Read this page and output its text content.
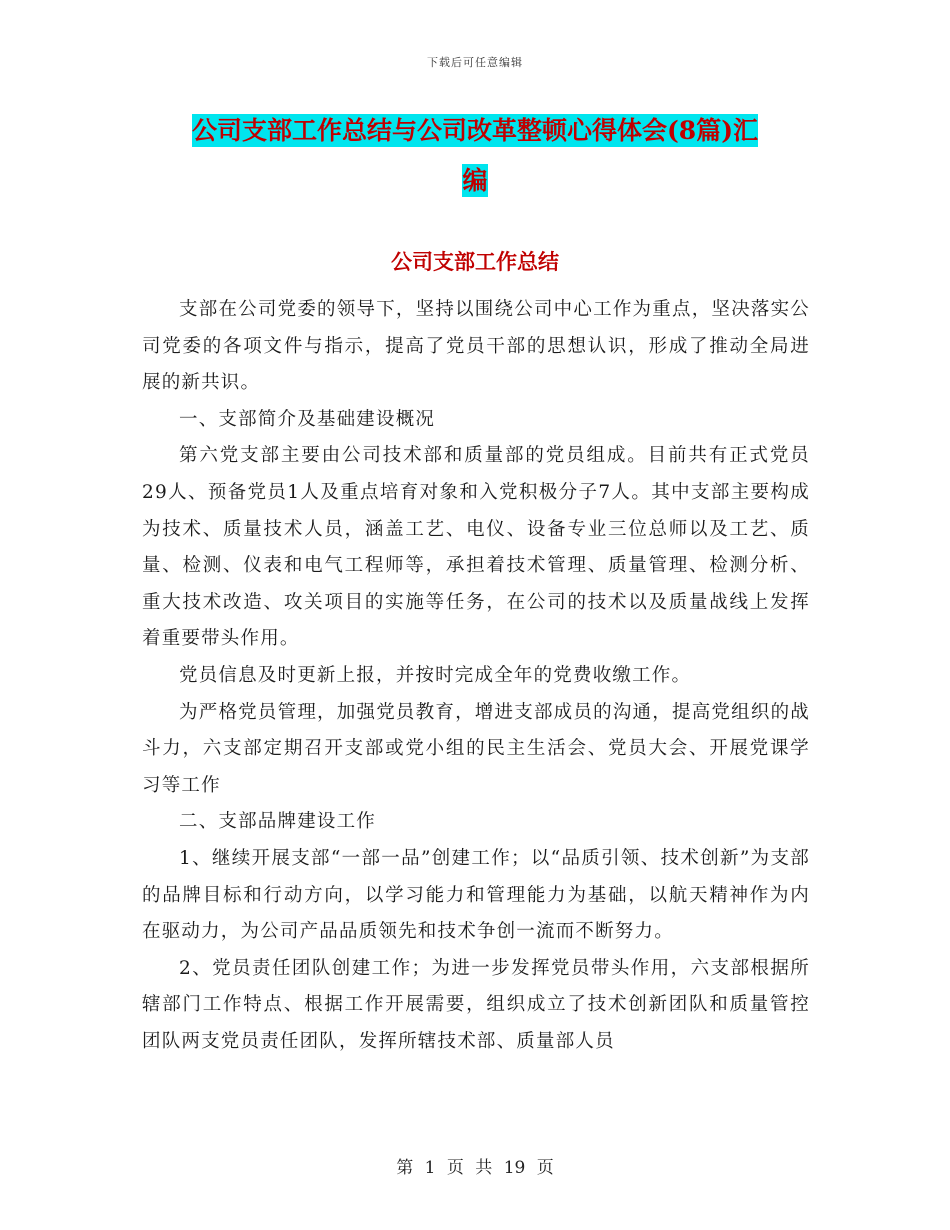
下载后可任意编辑
公司支部工作总结与公司改革整顿心得体会(8篇)汇
编
公司支部工作总结

支部在公司党委的领导下，坚持以围绕公司中心工作为重点，坚决落实公司党委的各项文件与指示，提高了党员干部的思想认识，形成了推动全局进展的新共识。

一、支部简介及基础建设概况

第六党支部主要由公司技术部和质量部的党员组成。目前共有正式党员29人、预备党员1人及重点培育对象和入党积极分子7人。其中支部主要构成为技术、质量技术人员，涵盖工艺、电仪、设备专业三位总师以及工艺、质量、检测、仪表和电气工程师等，承担着技术管理、质量管理、检测分析、重大技术改造、攻关项目的实施等任务，在公司的技术以及质量战线上发挥着重要带头作用。

党员信息及时更新上报，并按时完成全年的党费收缴工作。

为严格党员管理，加强党员教育，增进支部成员的沟通，提高党组织的战斗力，六支部定期召开支部或党小组的民主生活会、党员大会、开展党课学习等工作

二、支部品牌建设工作

1、继续开展支部“一部一品”创建工作；以“品质引领、技术创新”为支部的品牌目标和行动方向，以学习能力和管理能力为基础，以航天精神作为内在驱动力，为公司产品品质领先和技术争创一流而不断努力。

2、党员责任团队创建工作；为进一步发挥党员带头作用，六支部根据所辖部门工作特点、根据工作开展需要，组织成立了技术创新团队和质量管控团队两支党员责任团队，发挥所辖技术部、质量部人员

第 1 页 共 19 页
